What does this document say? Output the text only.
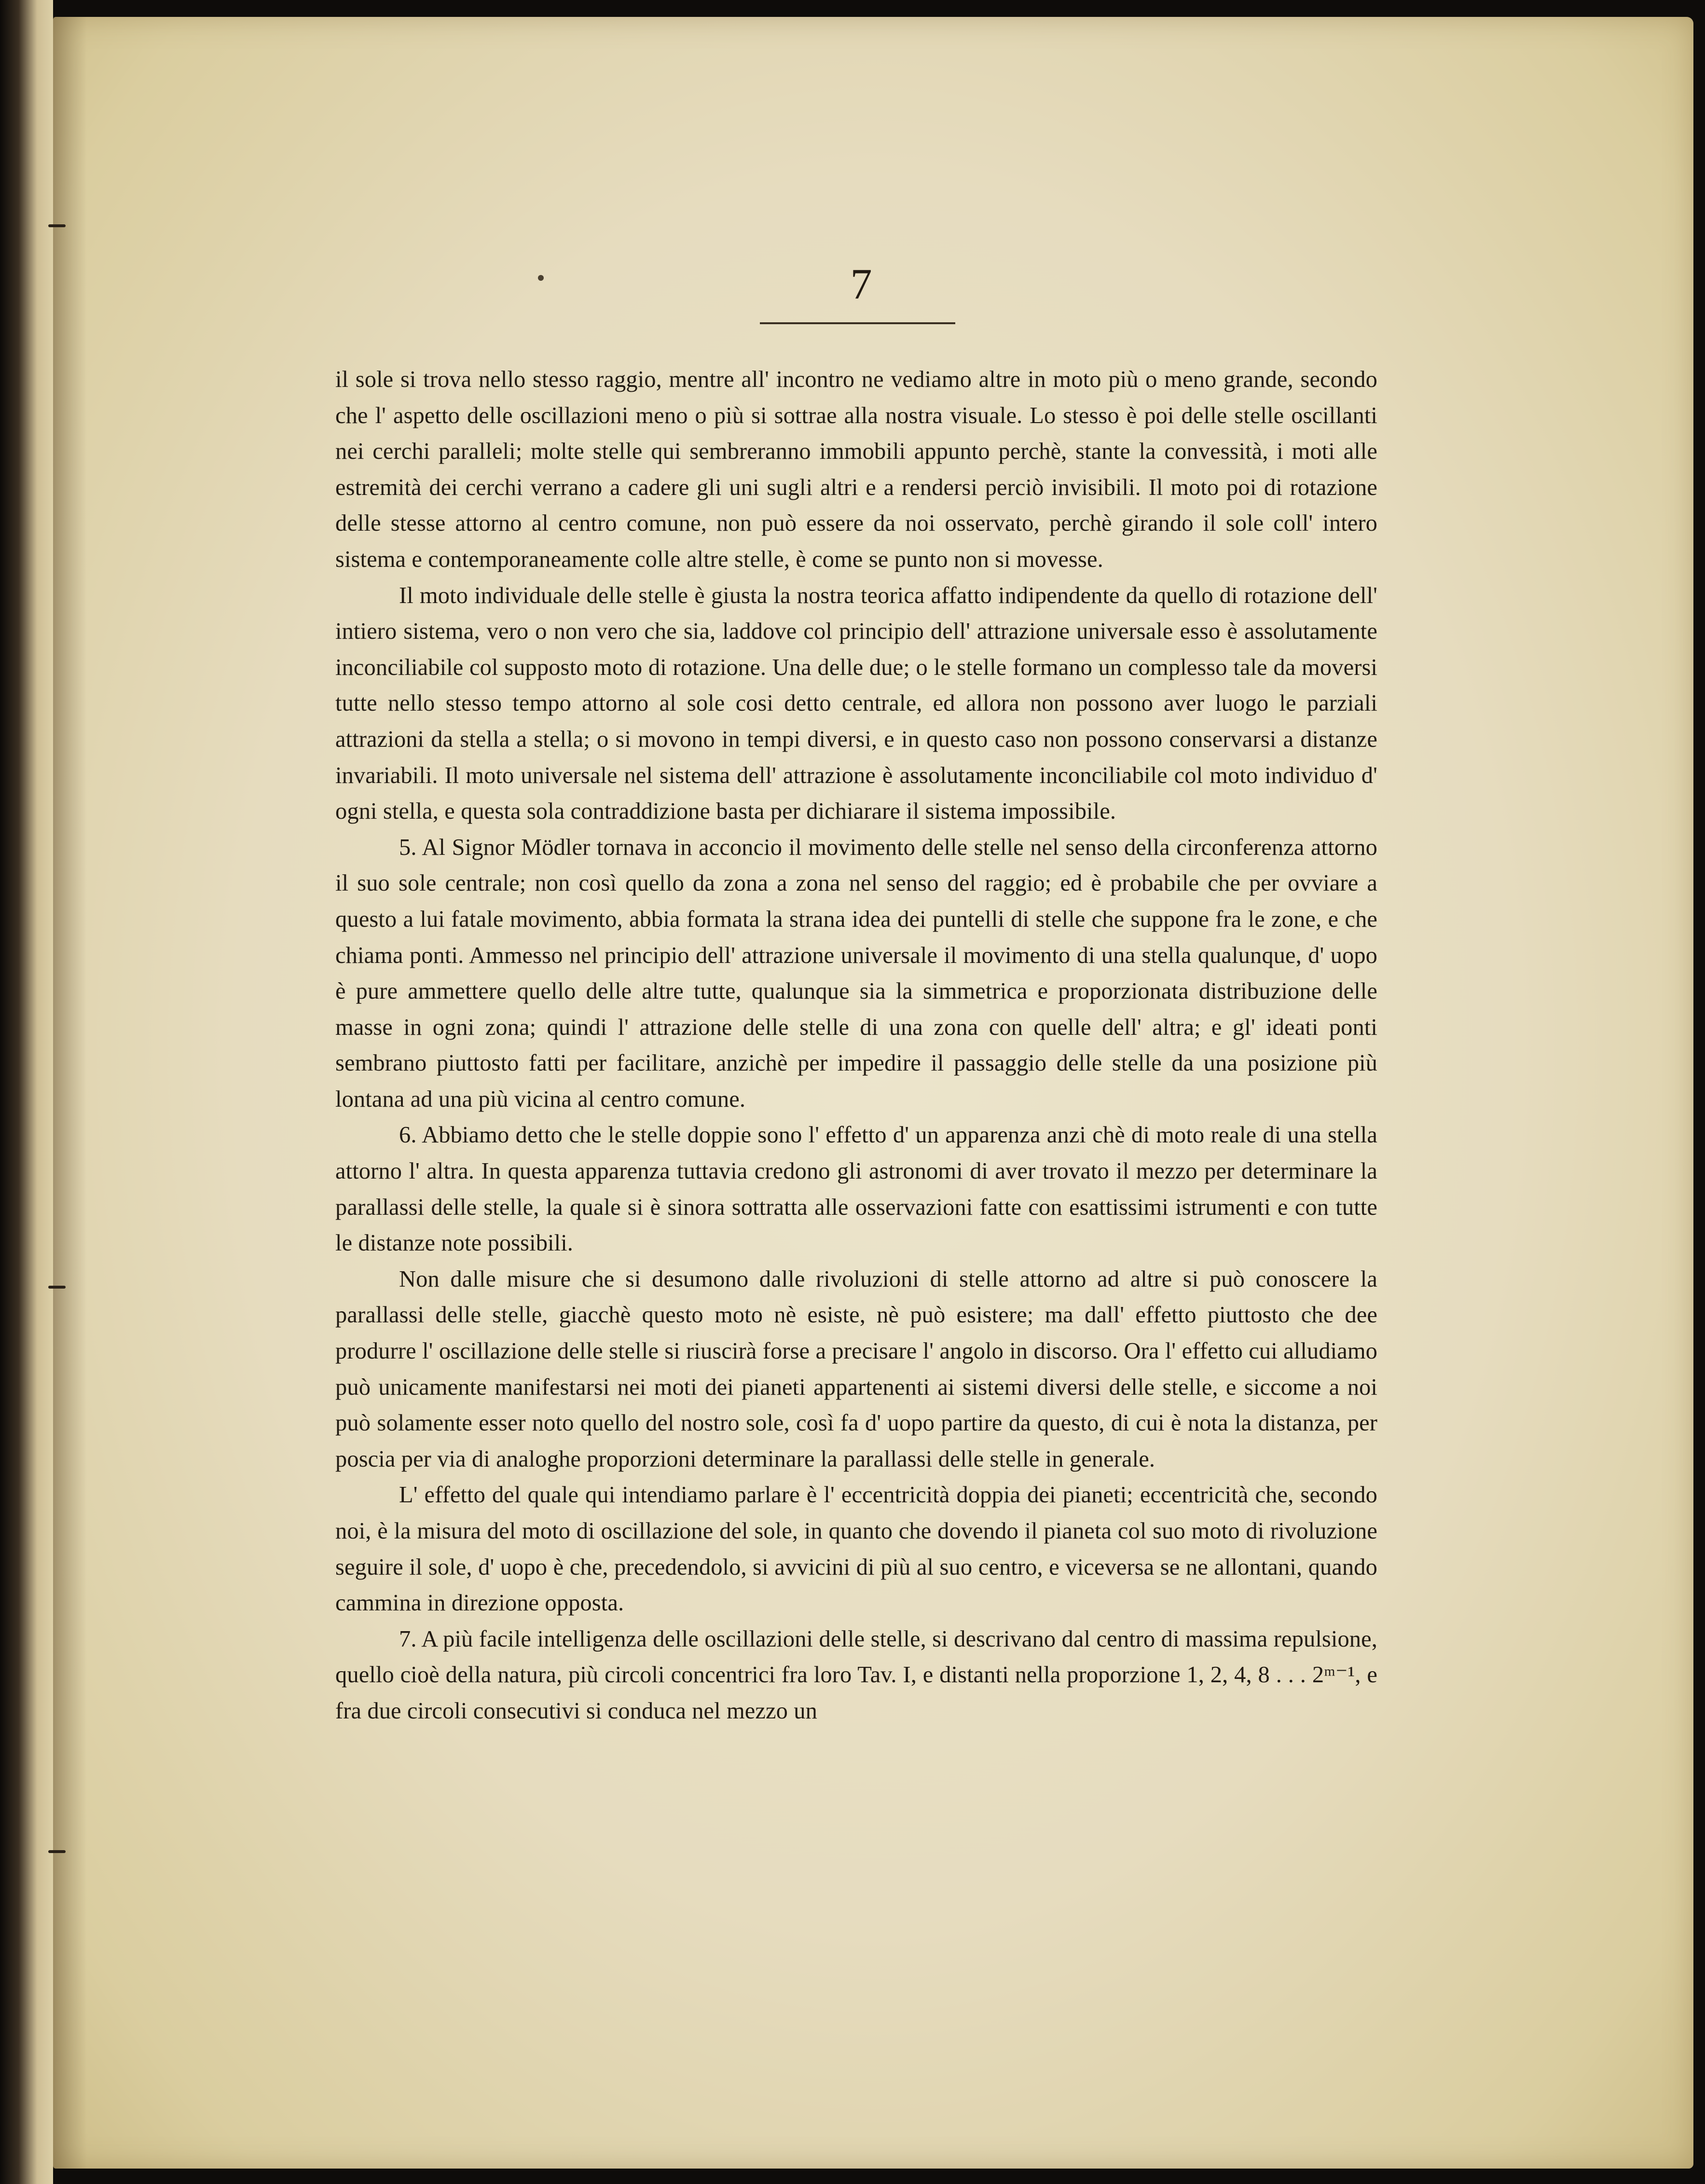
7

il sole si trova nello stesso raggio, mentre all' incontro ne vediamo altre in moto più o meno grande, secondo che l' aspetto delle oscillazioni meno o più si sottrae alla nostra visuale. Lo stesso è poi delle stelle oscillanti nei cerchi paralleli; molte stelle qui sembreranno immobili appunto perchè, stante la convessità, i moti alle estremità dei cerchi verrano a cadere gli uni sugli altri e a rendersi perciò invisibili. Il moto poi di rotazione delle stesse attorno al centro comune, non può essere da noi osservato, perchè girando il sole coll' intero sistema e contemporaneamente colle altre stelle, è come se punto non si movesse.

Il moto individuale delle stelle è giusta la nostra teorica affatto indipendente da quello di rotazione dell' intiero sistema, vero o non vero che sia, laddove col principio dell' attrazione universale esso è assolutamente inconciliabile col supposto moto di rotazione. Una delle due; o le stelle formano un complesso tale da moversi tutte nello stesso tempo attorno al sole cosi detto centrale, ed allora non possono aver luogo le parziali attrazioni da stella a stella; o si movono in tempi diversi, e in questo caso non possono conservarsi a distanze invariabili. Il moto universale nel sistema dell' attrazione è assolutamente inconciliabile col moto individuo d' ogni stella, e questa sola contraddizione basta per dichiarare il sistema impossibile.

5. Al Signor Mödler tornava in acconcio il movimento delle stelle nel senso della circonferenza attorno il suo sole centrale; non così quello da zona a zona nel senso del raggio; ed è probabile che per ovviare a questo a lui fatale movimento, abbia formata la strana idea dei puntelli di stelle che suppone fra le zone, e che chiama ponti. Ammesso nel principio dell' attrazione universale il movimento di una stella qualunque, d' uopo è pure ammettere quello delle altre tutte, qualunque sia la simmetrica e proporzionata distribuzione delle masse in ogni zona; quindi l' attrazione delle stelle di una zona con quelle dell' altra; e gl' ideati ponti sembrano piuttosto fatti per facilitare, anzichè per impedire il passaggio delle stelle da una posizione più lontana ad una più vicina al centro comune.

6. Abbiamo detto che le stelle doppie sono l' effetto d' un apparenza anzi chè di moto reale di una stella attorno l' altra. In questa apparenza tuttavia credono gli astronomi di aver trovato il mezzo per determinare la parallassi delle stelle, la quale si è sinora sottratta alle osservazioni fatte con esattissimi istrumenti e con tutte le distanze note possibili.

Non dalle misure che si desumono dalle rivoluzioni di stelle attorno ad altre si può conoscere la parallassi delle stelle, giacchè questo moto nè esiste, nè può esistere; ma dall' effetto piuttosto che dee produrre l' oscillazione delle stelle si riuscirà forse a precisare l' angolo in discorso. Ora l' effetto cui alludiamo può unicamente manifestarsi nei moti dei pianeti appartenenti ai sistemi diversi delle stelle, e siccome a noi può solamente esser noto quello del nostro sole, così fa d' uopo partire da questo, di cui è nota la distanza, per poscia per via di analoghe proporzioni determinare la parallassi delle stelle in generale.

L' effetto del quale qui intendiamo parlare è l' eccentricità doppia dei pianeti; eccentricità che, secondo noi, è la misura del moto di oscillazione del sole, in quanto che dovendo il pianeta col suo moto di rivoluzione seguire il sole, d' uopo è che, precedendolo, si avvicini di più al suo centro, e viceversa se ne allontani, quando cammina in direzione opposta.

7. A più facile intelligenza delle oscillazioni delle stelle, si descrivano dal centro di massima repulsione, quello cioè della natura, più circoli concentrici fra loro Tav. I, e distanti nella proporzione 1, 2, 4, 8 . . . 2ᵐ⁻¹, e fra due circoli consecutivi si conduca nel mezzo un
